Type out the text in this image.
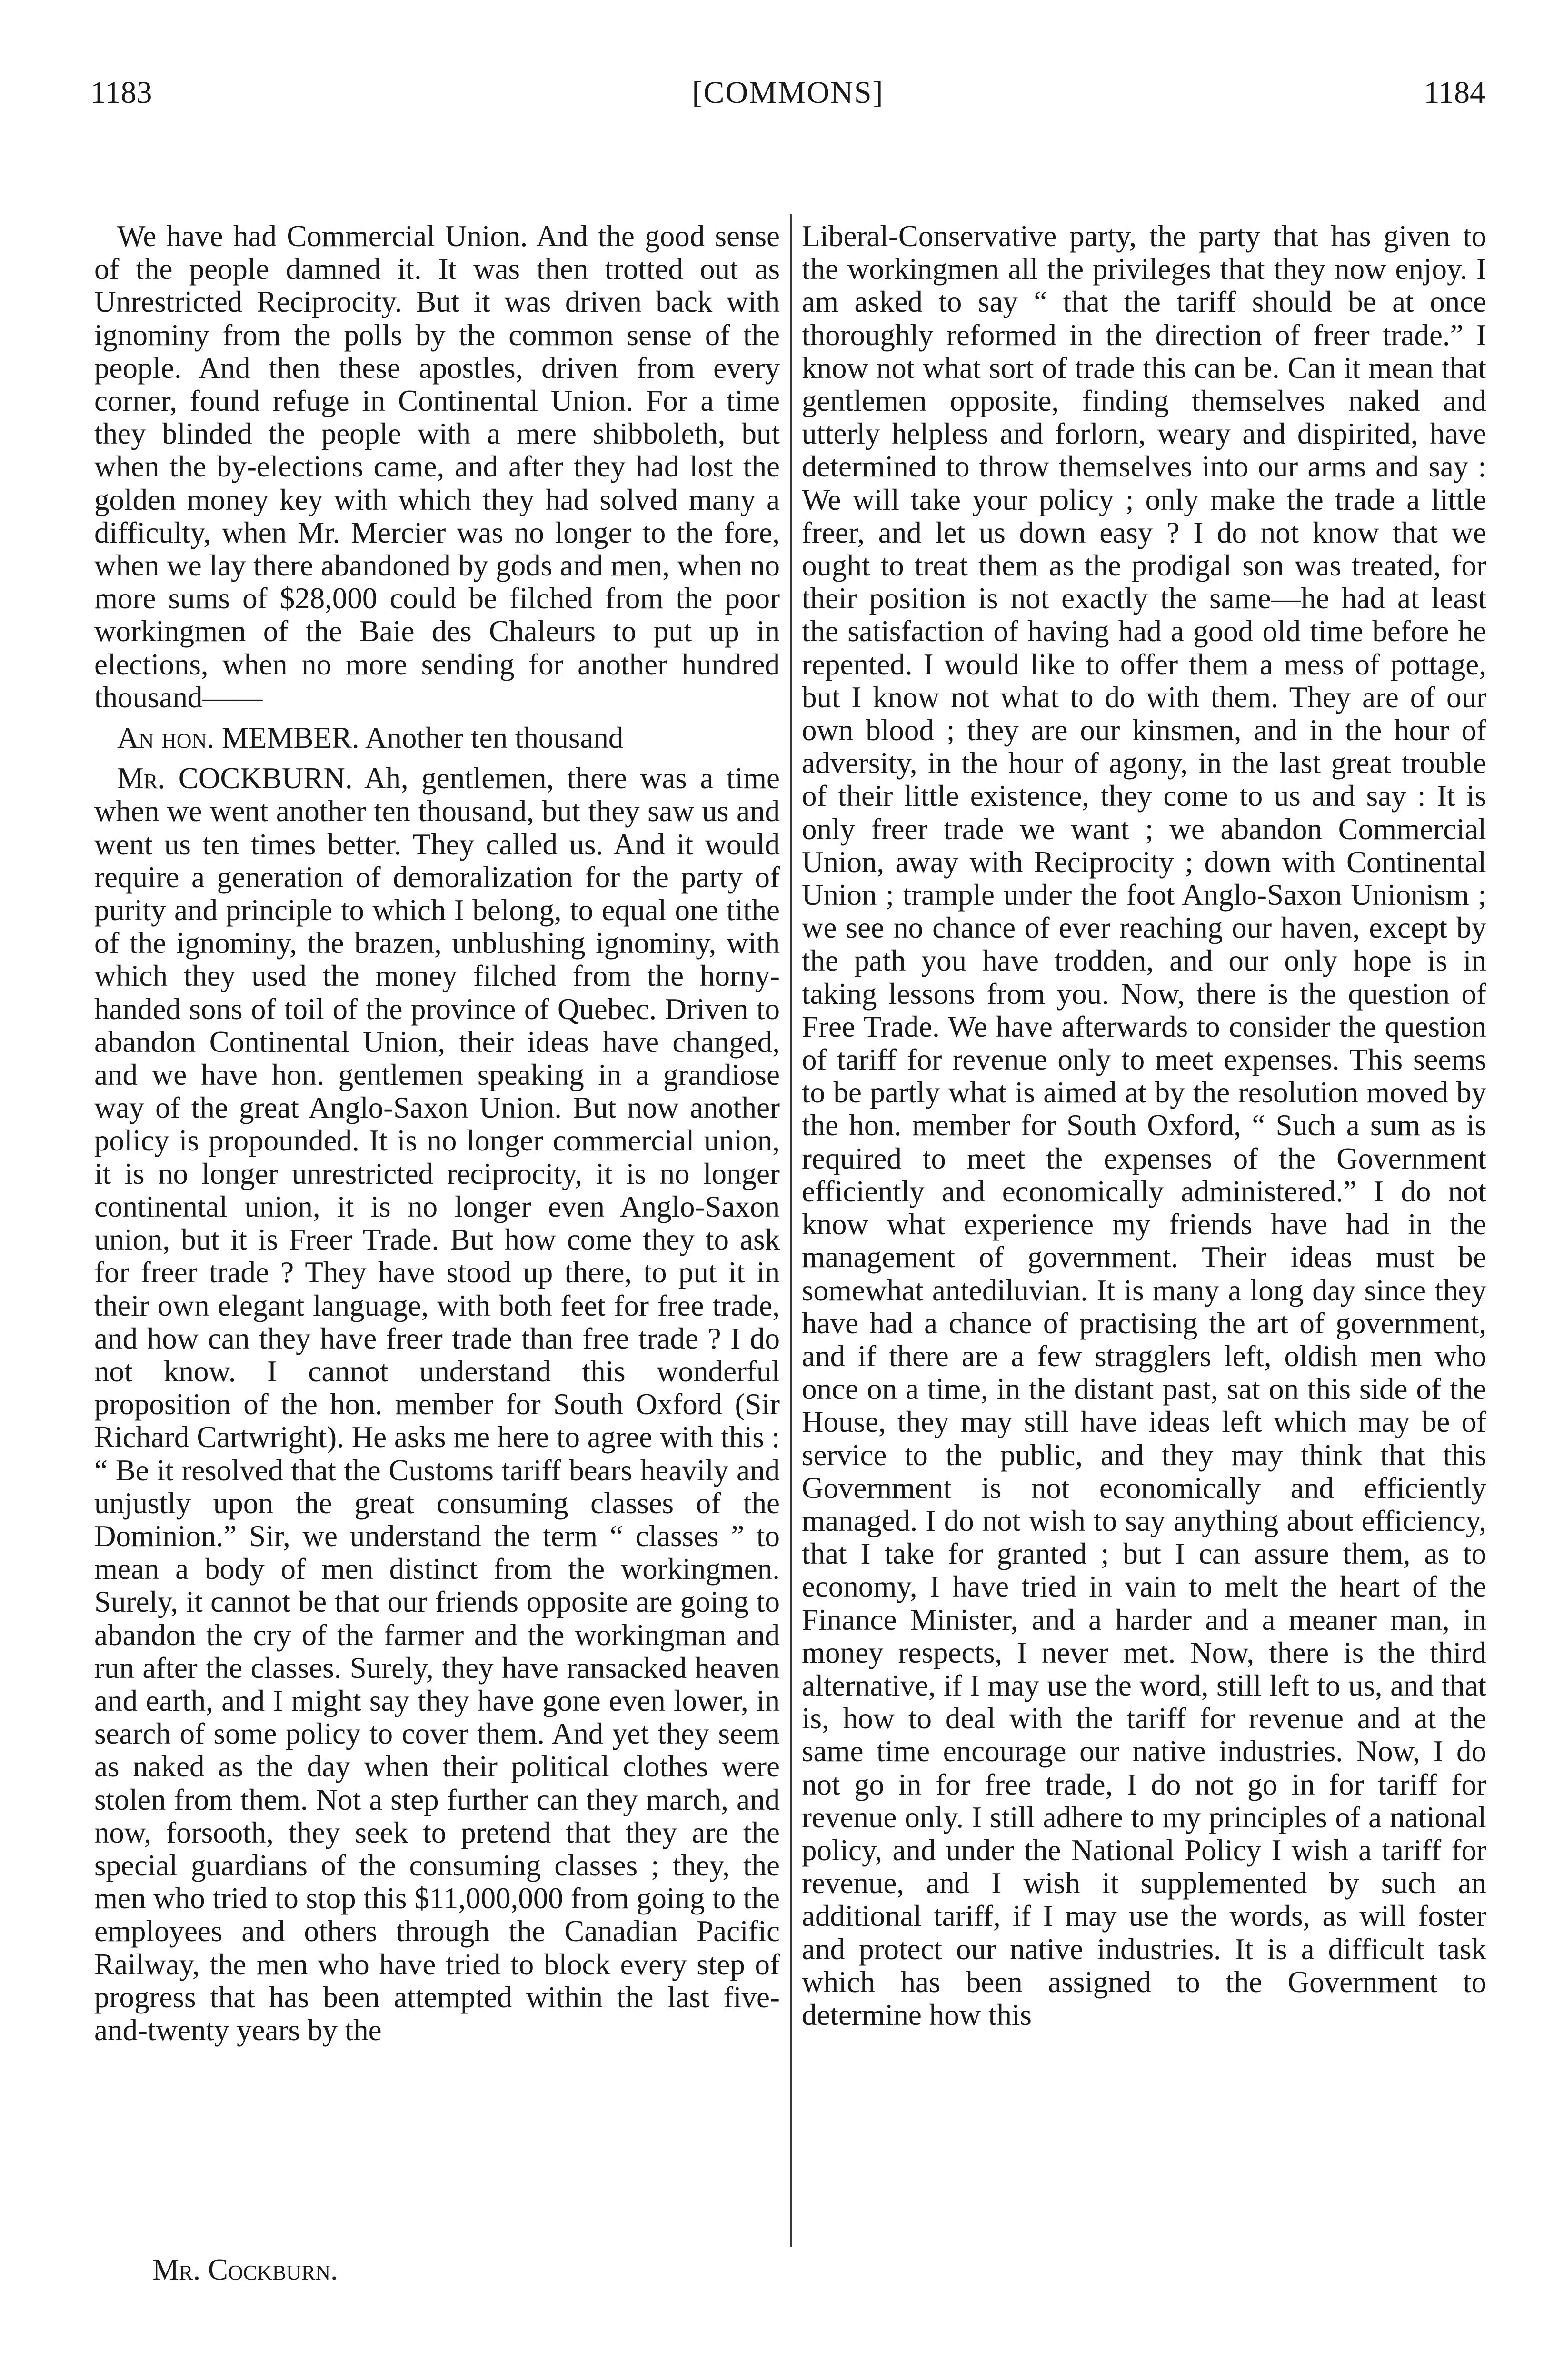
1183	[COMMONS]	1184

We have had Commercial Union. And the good sense of the people damned it. It was then trotted out as Unrestricted Reciprocity. But it was driven back with ignominy from the polls by the common sense of the people. And then these apostles, driven from every corner, found refuge in Continental Union. For a time they blinded the people with a mere shibboleth, but when the by-elections came, and after they had lost the golden money key with which they had solved many a difficulty, when Mr. Mercier was no longer to the fore, when we lay there abandoned by gods and men, when no more sums of $28,000 could be filched from the poor workingmen of the Baie des Chaleurs to put up in elections, when no more sending for another hundred thousand——

An hon. MEMBER. Another ten thousand

Mr. COCKBURN. Ah, gentlemen, there was a time when we went another ten thousand, but they saw us and went us ten times better. They called us. And it would require a generation of demoralization for the party of purity and principle to which I belong, to equal one tithe of the ignominy, the brazen, unblushing ignominy, with which they used the money filched from the horny-handed sons of toil of the province of Quebec. Driven to abandon Continental Union, their ideas have changed, and we have hon. gentlemen speaking in a grandiose way of the great Anglo-Saxon Union. But now another policy is propounded. It is no longer commercial union, it is no longer unrestricted reciprocity, it is no longer continental union, it is no longer even Anglo-Saxon union, but it is Freer Trade. But how come they to ask for freer trade ? They have stood up there, to put it in their own elegant language, with both feet for free trade, and how can they have freer trade than free trade ? I do not know. I cannot understand this wonderful proposition of the hon. member for South Oxford (Sir Richard Cartwright). He asks me here to agree with this : “ Be it resolved that the Customs tariff bears heavily and unjustly upon the great consuming classes of the Dominion.” Sir, we understand the term “ classes ” to mean a body of men distinct from the workingmen. Surely, it cannot be that our friends opposite are going to abandon the cry of the farmer and the workingman and run after the classes. Surely, they have ransacked heaven and earth, and I might say they have gone even lower, in search of some policy to cover them. And yet they seem as naked as the day when their political clothes were stolen from them. Not a step further can they march, and now, forsooth, they seek to pretend that they are the special guardians of the consuming classes ; they, the men who tried to stop this $11,000,000 from going to the employees and others through the Canadian Pacific Railway, the men who have tried to block every step of progress that has been attempted within the last five-and-twenty years by the

Liberal-Conservative party, the party that has given to the workingmen all the privileges that they now enjoy. I am asked to say “ that the tariff should be at once thoroughly reformed in the direction of freer trade.” I know not what sort of trade this can be. Can it mean that gentlemen opposite, finding themselves naked and utterly helpless and forlorn, weary and dispirited, have determined to throw themselves into our arms and say : We will take your policy ; only make the trade a little freer, and let us down easy ? I do not know that we ought to treat them as the prodigal son was treated, for their position is not exactly the same—he had at least the satisfaction of having had a good old time before he repented. I would like to offer them a mess of pottage, but I know not what to do with them. They are of our own blood ; they are our kinsmen, and in the hour of adversity, in the hour of agony, in the last great trouble of their little existence, they come to us and say : It is only freer trade we want ; we abandon Commercial Union, away with Reciprocity ; down with Continental Union ; trample under the foot Anglo-Saxon Unionism ; we see no chance of ever reaching our haven, except by the path you have trodden, and our only hope is in taking lessons from you. Now, there is the question of Free Trade. We have afterwards to consider the question of tariff for revenue only to meet expenses. This seems to be partly what is aimed at by the resolution moved by the hon. member for South Oxford, “ Such a sum as is required to meet the expenses of the Government efficiently and economically administered.” I do not know what experience my friends have had in the management of government. Their ideas must be somewhat antediluvian. It is many a long day since they have had a chance of practising the art of government, and if there are a few stragglers left, oldish men who once on a time, in the distant past, sat on this side of the House, they may still have ideas left which may be of service to the public, and they may think that this Government is not economically and efficiently managed. I do not wish to say anything about efficiency, that I take for granted ; but I can assure them, as to economy, I have tried in vain to melt the heart of the Finance Minister, and a harder and a meaner man, in money respects, I never met. Now, there is the third alternative, if I may use the word, still left to us, and that is, how to deal with the tariff for revenue and at the same time encourage our native industries. Now, I do not go in for free trade, I do not go in for tariff for revenue only. I still adhere to my principles of a national policy, and under the National Policy I wish a tariff for revenue, and I wish it supplemented by such an additional tariff, if I may use the words, as will foster and protect our native industries. It is a difficult task which has been assigned to the Government to determine how this

Mr. Cockburn.
